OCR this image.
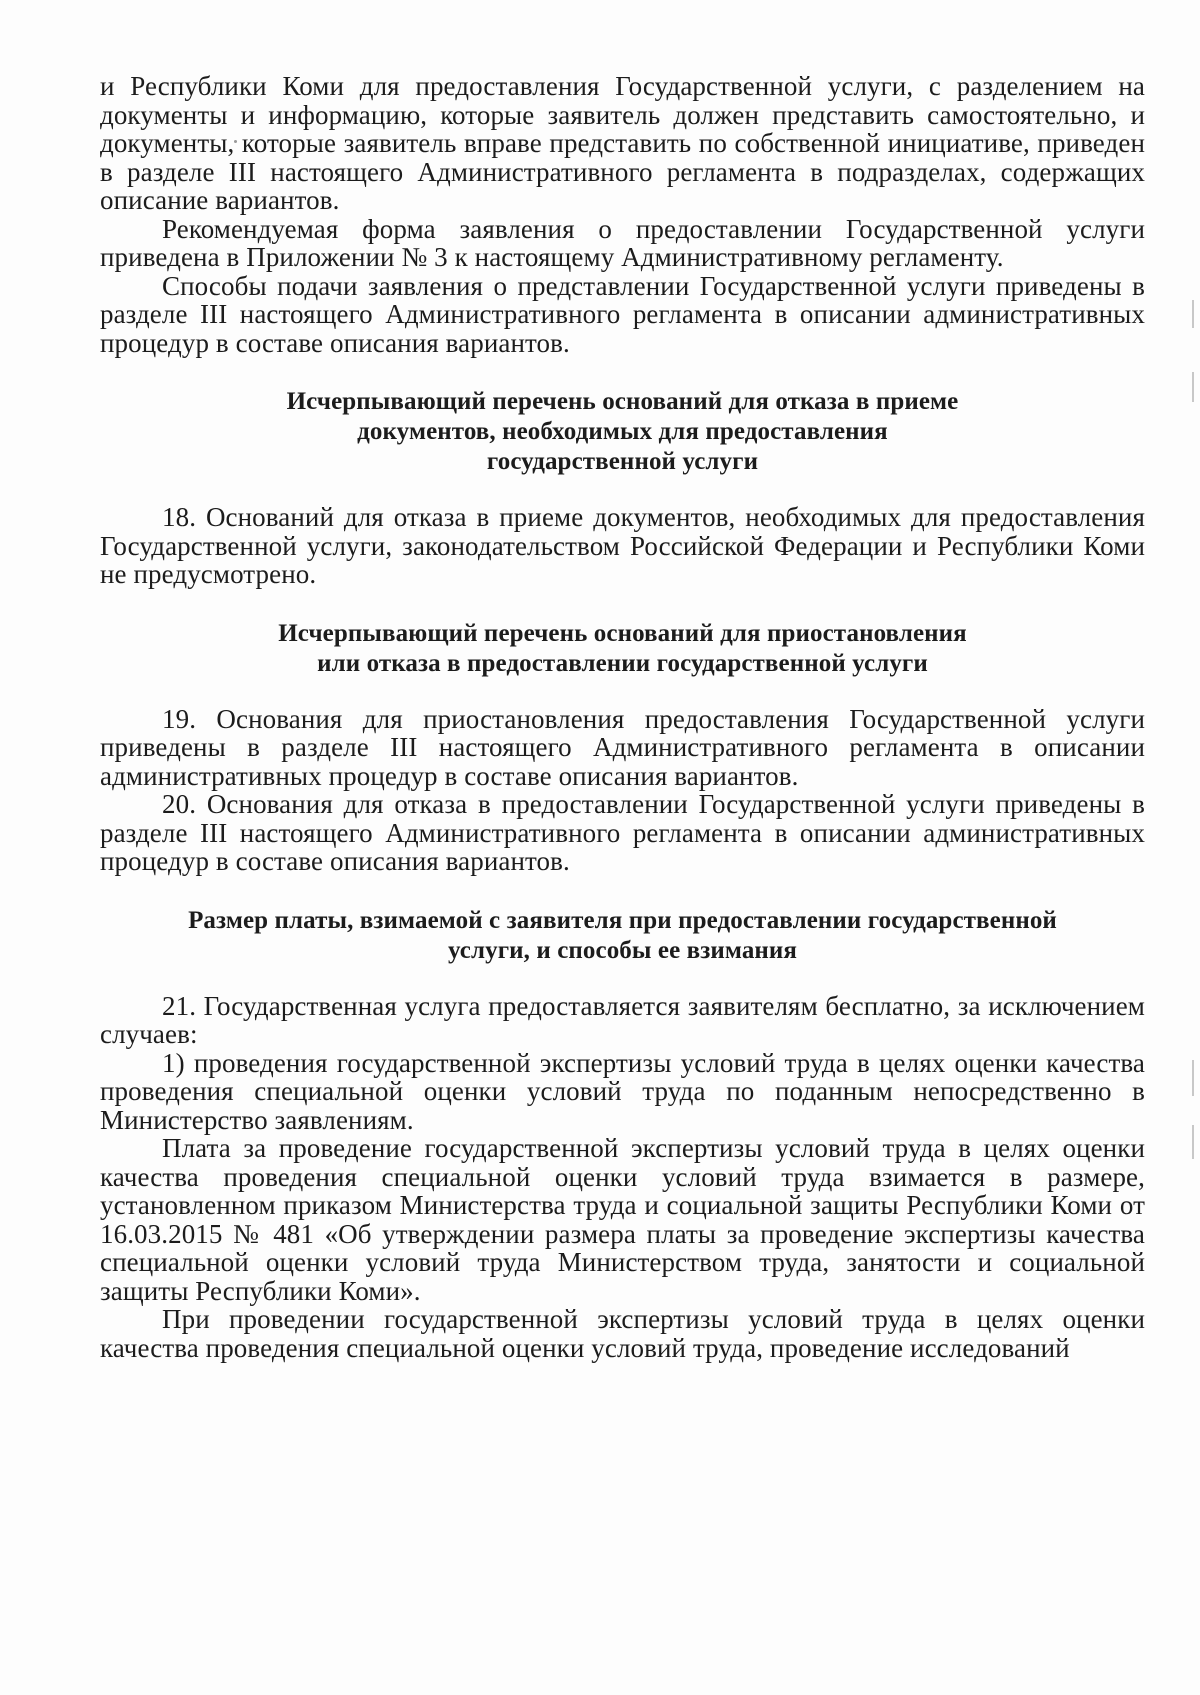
и Республики Коми для предоставления Государственной услуги, с разделением на документы и информацию, которые заявитель должен представить самостоятельно, и документы, которые заявитель вправе представить по собственной инициативе, приведен в разделе III настоящего Административного регламента в подразделах, содержащих описание вариантов.

Рекомендуемая форма заявления о предоставлении Государственной услуги приведена в Приложении № 3 к настоящему Административному регламенту.

Способы подачи заявления о представлении Государственной услуги приведены в разделе III настоящего Административного регламента в описании административных процедур в составе описания вариантов.

Исчерпывающий перечень оснований для отказа в приеме
документов, необходимых для предоставления
государственной услуги

18. Оснований для отказа в приеме документов, необходимых для предоставления Государственной услуги, законодательством Российской Федерации и Республики Коми не предусмотрено.

Исчерпывающий перечень оснований для приостановления
или отказа в предоставлении государственной услуги

19. Основания для приостановления предоставления Государственной услуги приведены в разделе III настоящего Административного регламента в описании административных процедур в составе описания вариантов.

20. Основания для отказа в предоставлении Государственной услуги приведены в разделе III настоящего Административного регламента в описании административных процедур в составе описания вариантов.

Размер платы, взимаемой с заявителя при предоставлении государственной
услуги, и способы ее взимания

21. Государственная услуга предоставляется заявителям бесплатно, за исключением случаев:

1) проведения государственной экспертизы условий труда в целях оценки качества проведения специальной оценки условий труда по поданным непосредственно в Министерство заявлениям.

Плата за проведение государственной экспертизы условий труда в целях оценки качества проведения специальной оценки условий труда взимается в размере, установленном приказом Министерства труда и социальной защиты Республики Коми от 16.03.2015 № 481 «Об утверждении размера платы за проведение экспертизы качества специальной оценки условий труда Министерством труда, занятости и социальной защиты Республики Коми».

При проведении государственной экспертизы условий труда в целях оценки качества проведения специальной оценки условий труда, проведение исследований
